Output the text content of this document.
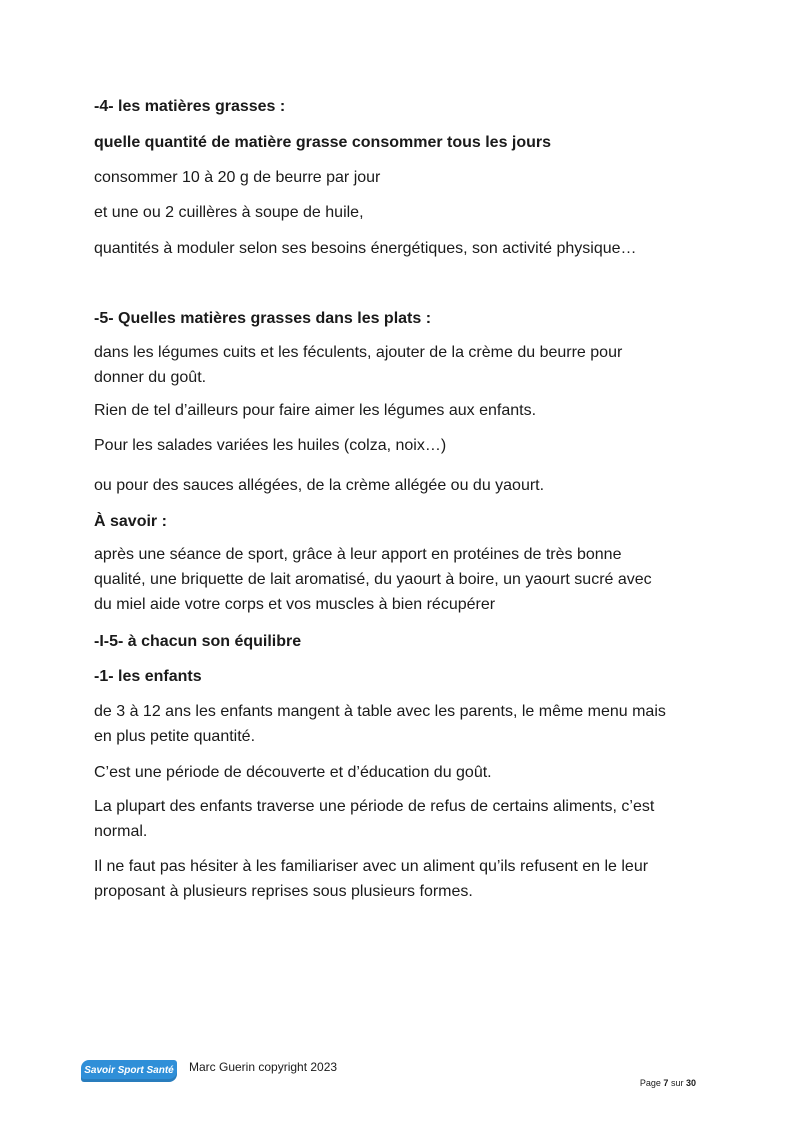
-4- les matières grasses :

quelle quantité de matière grasse consommer tous les jours

consommer 10 à 20 g de beurre par jour

et une ou 2 cuillères à soupe de huile,

quantités à moduler selon ses besoins énergétiques, son activité physique…

-5- Quelles matières grasses dans les plats :
dans les légumes cuits et les féculents, ajouter de la crème du beurre pour
donner du goût.

Rien de tel d’ailleurs pour faire aimer les légumes aux enfants.

Pour les salades variées les huiles (colza, noix…)

ou pour des sauces allégées, de la crème allégée ou du yaourt.

À savoir :

après une séance de sport, grâce à leur apport en protéines de très bonne
qualité, une briquette de lait aromatisé, du yaourt à boire, un yaourt sucré avec
du miel aide votre corps et vos muscles à bien récupérer
-I-5- à chacun son équilibre
-1- les enfants
de 3 à 12 ans les enfants mangent à table avec les parents, le même menu mais
en plus petite quantité.

C’est une période de découverte et d’éducation du goût.

La plupart des enfants traverse une période de refus de certains aliments, c’est
normal.
Il ne faut pas hésiter à les familiariser avec un aliment qu’ils refusent en le leur
proposant à plusieurs reprises sous plusieurs formes.
Savoir Sport Santé Marc Guerin copyright 2023
Page 7 sur 30
